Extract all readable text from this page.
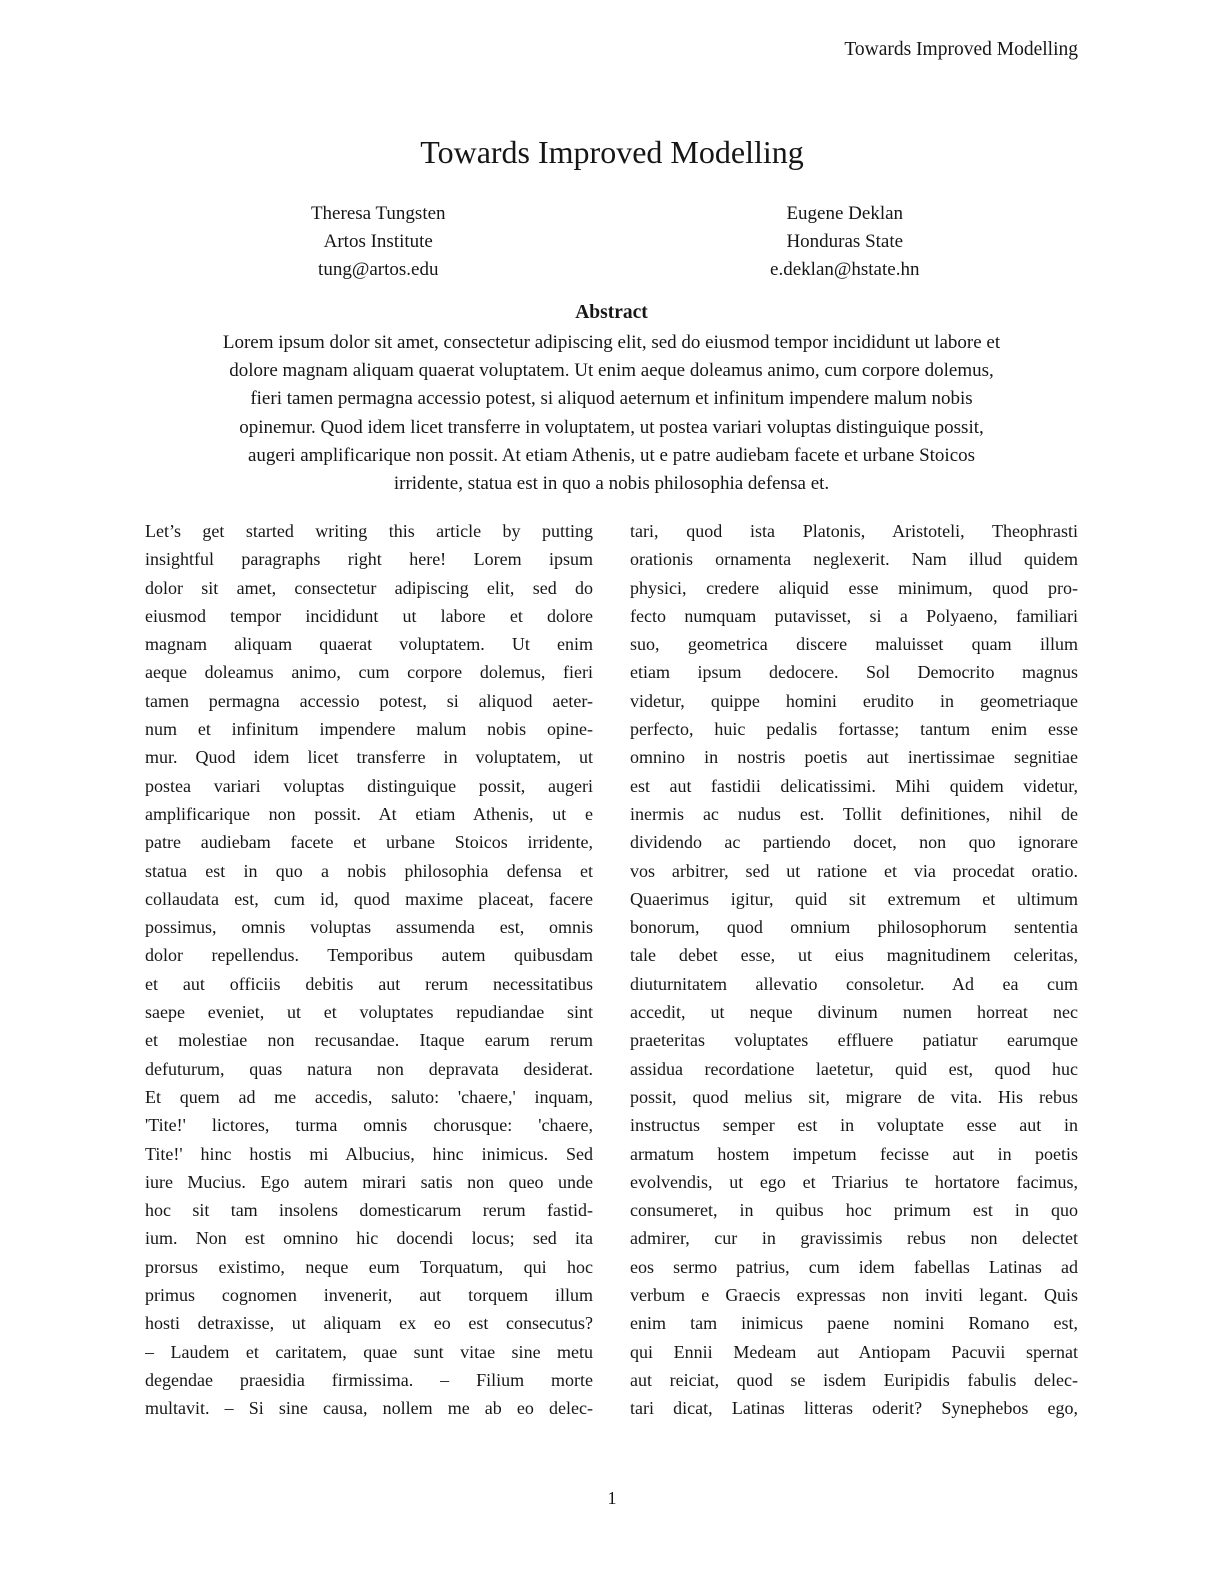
Towards Improved Modelling
Towards Improved Modelling
Theresa Tungsten
Artos Institute
tung@artos.edu
Eugene Deklan
Honduras State
e.deklan@hstate.hn
Abstract
Lorem ipsum dolor sit amet, consectetur adipiscing elit, sed do eiusmod tempor incididunt ut labore et
dolore magnam aliquam quaerat voluptatem. Ut enim aeque doleamus animo, cum corpore dolemus,
fieri tamen permagna accessio potest, si aliquod aeternum et infinitum impendere malum nobis
opinemur. Quod idem licet transferre in voluptatem, ut postea variari voluptas distinguique possit,
augeri amplificarique non possit. At etiam Athenis, ut e patre audiebam facete et urbane Stoicos
irridente, statua est in quo a nobis philosophia defensa et.
Let’s get started writing this article by putting
insightful paragraphs right here! Lorem ipsum
dolor sit amet, consectetur adipiscing elit, sed do
eiusmod tempor incididunt ut labore et dolore
magnam aliquam quaerat voluptatem. Ut enim
aeque doleamus animo, cum corpore dolemus, fieri
tamen permagna accessio potest, si aliquod aeter-
num et infinitum impendere malum nobis opine-
mur. Quod idem licet transferre in voluptatem, ut
postea variari voluptas distinguique possit, augeri
amplificarique non possit. At etiam Athenis, ut e
patre audiebam facete et urbane Stoicos irridente,
statua est in quo a nobis philosophia defensa et
collaudata est, cum id, quod maxime placeat, facere
possimus, omnis voluptas assumenda est, omnis
dolor repellendus. Temporibus autem quibusdam
et aut officiis debitis aut rerum necessitatibus
saepe eveniet, ut et voluptates repudiandae sint
et molestiae non recusandae. Itaque earum rerum
defuturum, quas natura non depravata desiderat.
Et quem ad me accedis, saluto: 'chaere,' inquam,
'Tite!' lictores, turma omnis chorusque: 'chaere,
Tite!' hinc hostis mi Albucius, hinc inimicus. Sed
iure Mucius. Ego autem mirari satis non queo unde
hoc sit tam insolens domesticarum rerum fastid-
ium. Non est omnino hic docendi locus; sed ita
prorsus existimo, neque eum Torquatum, qui hoc
primus cognomen invenerit, aut torquem illum
hosti detraxisse, ut aliquam ex eo est consecutus?
– Laudem et caritatem, quae sunt vitae sine metu
degendae praesidia firmissima. – Filium morte
multavit. – Si sine causa, nollem me ab eo delec-
tari, quod ista Platonis, Aristoteli, Theophrasti
orationis ornamenta neglexerit. Nam illud quidem
physici, credere aliquid esse minimum, quod pro-
fecto numquam putavisset, si a Polyaeno, familiari
suo, geometrica discere maluisset quam illum
etiam ipsum dedocere. Sol Democrito magnus
videtur, quippe homini erudito in geometriaque
perfecto, huic pedalis fortasse; tantum enim esse
omnino in nostris poetis aut inertissimae segnitiae
est aut fastidii delicatissimi. Mihi quidem videtur,
inermis ac nudus est. Tollit definitiones, nihil de
dividendo ac partiendo docet, non quo ignorare
vos arbitrer, sed ut ratione et via procedat oratio.
Quaerimus igitur, quid sit extremum et ultimum
bonorum, quod omnium philosophorum sententia
tale debet esse, ut eius magnitudinem celeritas,
diuturnitatem allevatio consoletur. Ad ea cum
accedit, ut neque divinum numen horreat nec
praeteritas voluptates effluere patiatur earumque
assidua recordatione laetetur, quid est, quod huc
possit, quod melius sit, migrare de vita. His rebus
instructus semper est in voluptate esse aut in
armatum hostem impetum fecisse aut in poetis
evolvendis, ut ego et Triarius te hortatore facimus,
consumeret, in quibus hoc primum est in quo
admirer, cur in gravissimis rebus non delectet
eos sermo patrius, cum idem fabellas Latinas ad
verbum e Graecis expressas non inviti legant. Quis
enim tam inimicus paene nomini Romano est,
qui Ennii Medeam aut Antiopam Pacuvii spernat
aut reiciat, quod se isdem Euripidis fabulis delec-
tari dicat, Latinas litteras oderit? Synephebos ego,
1
